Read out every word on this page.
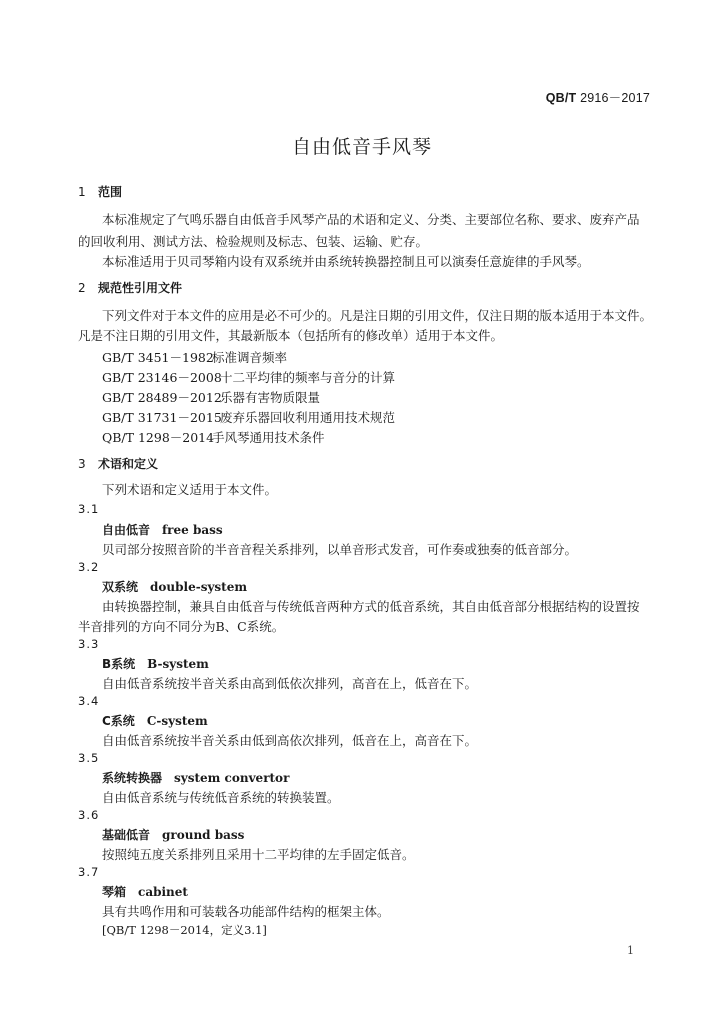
QB/T 2916－2017
自由低音手风琴
1 范围
本标准规定了气鸣乐器自由低音手风琴产品的术语和定义、分类、主要部位名称、要求、废弃产品
的回收利用、测试方法、检验规则及标志、包装、运输、贮存。
本标准适用于贝司琴箱内设有双系统并由系统转换器控制且可以演奏任意旋律的手风琴。
2 规范性引用文件
下列文件对于本文件的应用是必不可少的。凡是注日期的引用文件，仅注日期的版本适用于本文件。
凡是不注日期的引用文件，其最新版本（包括所有的修改单）适用于本文件。
GB/T 3451－1982标准调音频率
GB/T 23146－2008十二平均律的频率与音分的计算
GB/T 28489－2012乐器有害物质限量
GB/T 31731－2015废弃乐器回收利用通用技术规范
QB/T 1298－2014手风琴通用技术条件
3 术语和定义
下列术语和定义适用于本文件。
3.1
自由低音 free bass
贝司部分按照音阶的半音音程关系排列，以单音形式发音，可作奏或独奏的低音部分。
3.2
双系统 double-system
由转换器控制，兼具自由低音与传统低音两种方式的低音系统，其自由低音部分根据结构的设置按
半音排列的方向不同分为B、C系统。
3.3
B系统 B-system
自由低音系统按半音关系由高到低依次排列，高音在上，低音在下。
3.4
C系统 C-system
自由低音系统按半音关系由低到高依次排列，低音在上，高音在下。
3.5
系统转换器 system convertor
自由低音系统与传统低音系统的转换装置。
3.6
基础低音 ground bass
按照纯五度关系排列且采用十二平均律的左手固定低音。
3.7
琴箱 cabinet
具有共鸣作用和可装载各功能部件结构的框架主体。
[QB/T 1298－2014，定义3.1]
1
